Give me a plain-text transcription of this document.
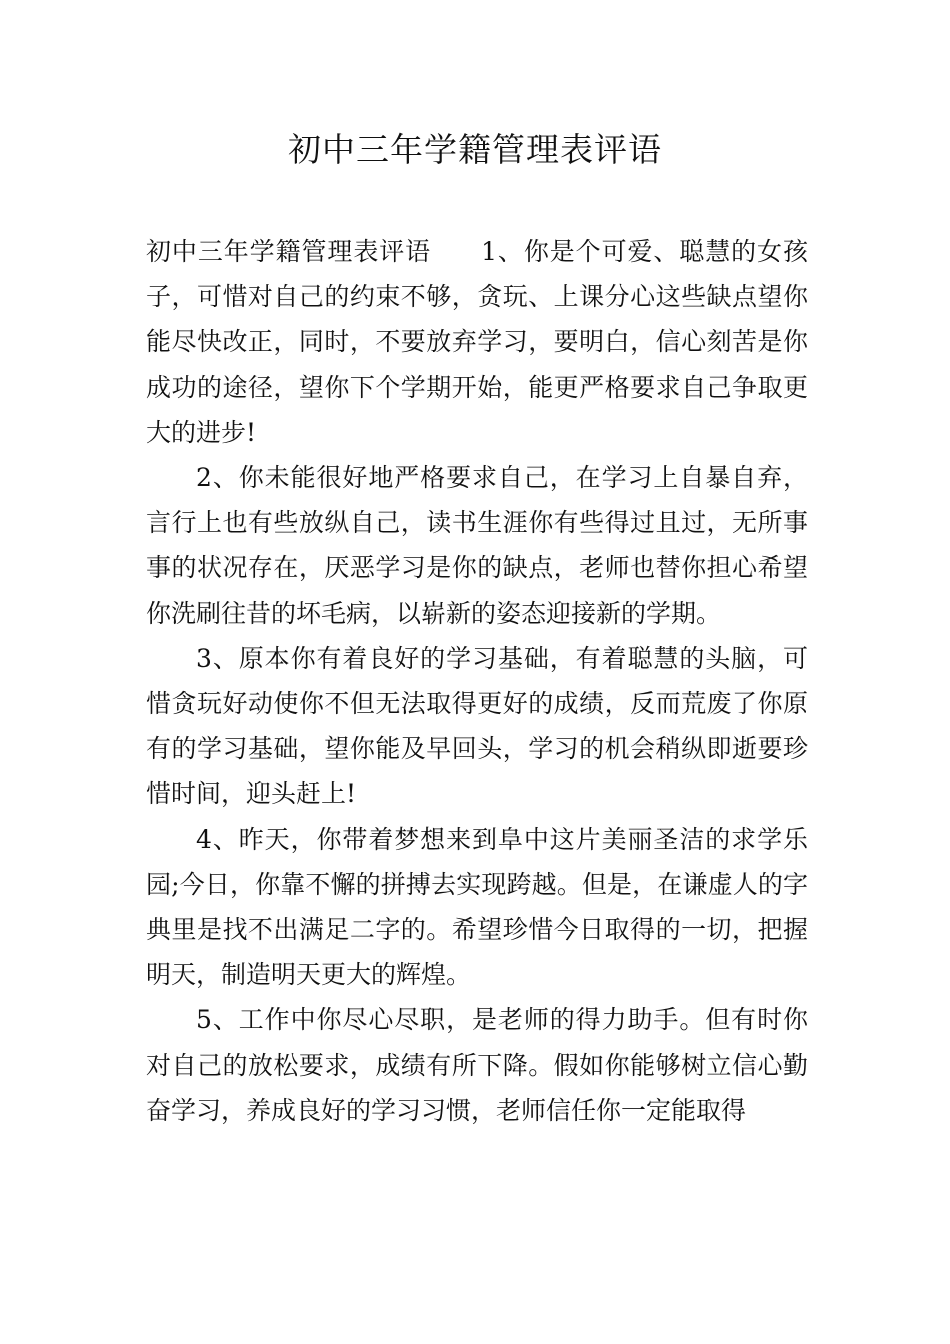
初中三年学籍管理表评语

初中三年学籍管理表评语 1、你是个可爱、聪慧的女孩子，可惜对自己的约束不够，贪玩、上课分心这些缺点望你能尽快改正，同时，不要放弃学习，要明白，信心刻苦是你成功的途径，望你下个学期开始，能更严格要求自己争取更大的进步!

2、你未能很好地严格要求自己，在学习上自暴自弃，言行上也有些放纵自己，读书生涯你有些得过且过，无所事事的状况存在，厌恶学习是你的缺点，老师也替你担心希望你洗刷往昔的坏毛病，以崭新的姿态迎接新的学期。

3、原本你有着良好的学习基础，有着聪慧的头脑，可惜贪玩好动使你不但无法取得更好的成绩，反而荒废了你原有的学习基础，望你能及早回头，学习的机会稍纵即逝要珍惜时间，迎头赶上!

4、昨天，你带着梦想来到阜中这片美丽圣洁的求学乐园;今日，你靠不懈的拼搏去实现跨越。但是，在谦虚人的字典里是找不出满足二字的。希望珍惜今日取得的一切，把握明天，制造明天更大的辉煌。

5、工作中你尽心尽职，是老师的得力助手。但有时你对自己的放松要求，成绩有所下降。假如你能够树立信心勤奋学习，养成良好的学习习惯，老师信任你一定能取得
